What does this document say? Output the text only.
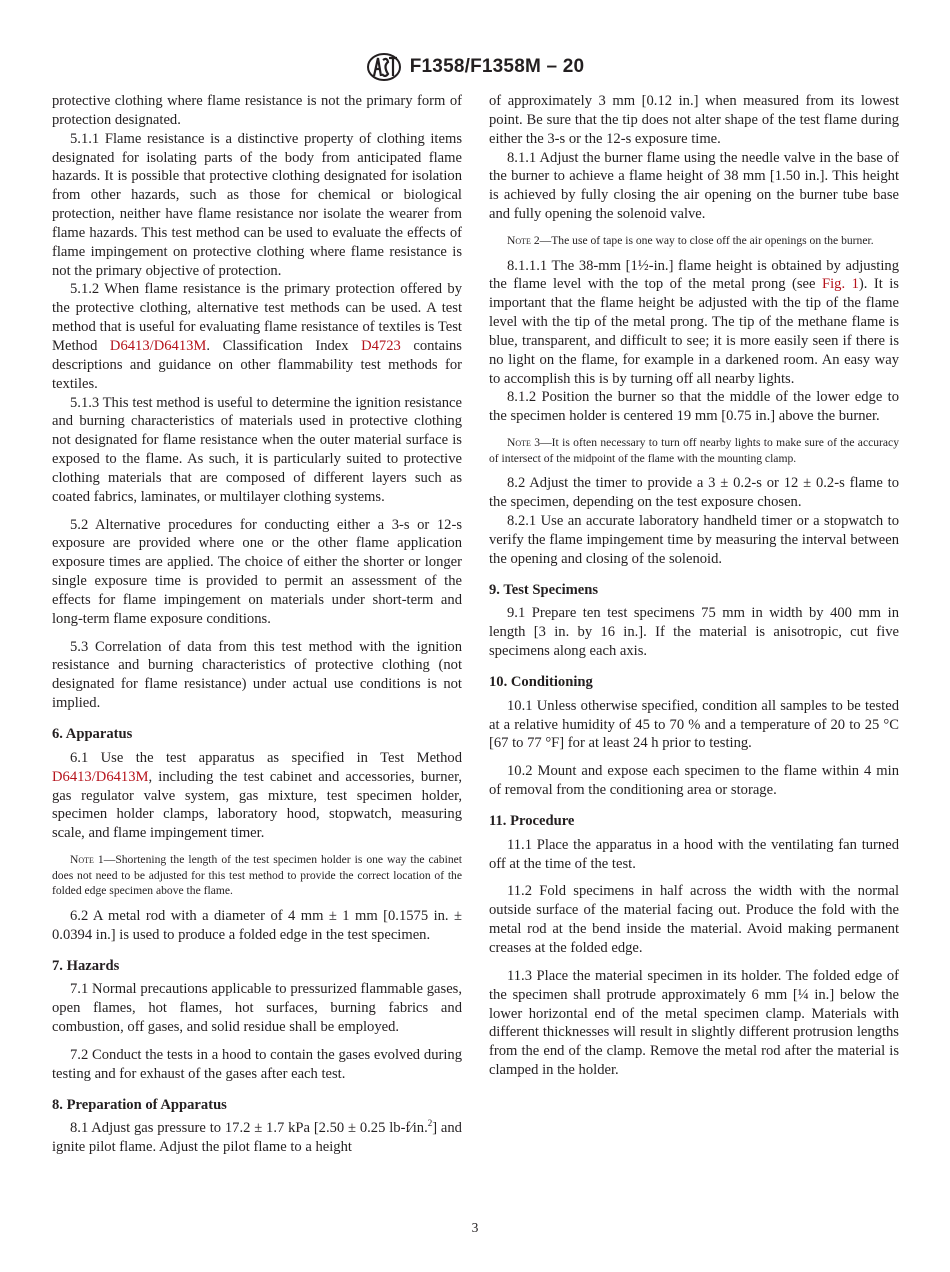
F1358/F1358M – 20
protective clothing where flame resistance is not the primary form of protection designated.
5.1.1 Flame resistance is a distinctive property of clothing items designated for isolating parts of the body from anticipated flame hazards. It is possible that protective clothing designated for isolation from other hazards, such as those for chemical or biological protection, neither have flame resistance nor isolate the wearer from flame hazards. This test method can be used to evaluate the effects of flame impingement on protective clothing where flame resistance is not the primary objective of protection.
5.1.2 When flame resistance is the primary protection offered by the protective clothing, alternative test methods can be used. A test method that is useful for evaluating flame resistance of textiles is Test Method D6413/D6413M. Classification Index D4723 contains descriptions and guidance on other flammability test methods for textiles.
5.1.3 This test method is useful to determine the ignition resistance and burning characteristics of materials used in protective clothing not designated for flame resistance when the outer material surface is exposed to the flame. As such, it is particularly suited to protective clothing materials that are composed of different layers such as coated fabrics, laminates, or multilayer clothing systems.
5.2 Alternative procedures for conducting either a 3-s or 12-s exposure are provided where one or the other flame application exposure times are applied. The choice of either the shorter or longer single exposure time is provided to permit an assessment of the effects for flame impingement on materials under short-term and long-term flame exposure conditions.
5.3 Correlation of data from this test method with the ignition resistance and burning characteristics of protective clothing (not designated for flame resistance) under actual use conditions is not implied.
6. Apparatus
6.1 Use the test apparatus as specified in Test Method D6413/D6413M, including the test cabinet and accessories, burner, gas regulator valve system, gas mixture, test specimen holder, specimen holder clamps, laboratory hood, stopwatch, measuring scale, and flame impingement timer.
Note 1—Shortening the length of the test specimen holder is one way the cabinet does not need to be adjusted for this test method to provide the correct location of the folded edge specimen above the flame.
6.2 A metal rod with a diameter of 4 mm ± 1 mm [0.1575 in. ± 0.0394 in.] is used to produce a folded edge in the test specimen.
7. Hazards
7.1 Normal precautions applicable to pressurized flammable gases, open flames, hot flames, hot surfaces, burning fabrics and combustion, off gases, and solid residue shall be employed.
7.2 Conduct the tests in a hood to contain the gases evolved during testing and for exhaust of the gases after each test.
8. Preparation of Apparatus
8.1 Adjust gas pressure to 17.2 ± 1.7 kPa [2.50 ± 0.25 lb-f⁄in.$^2$] and ignite pilot flame. Adjust the pilot flame to a height
of approximately 3 mm [0.12 in.] when measured from its lowest point. Be sure that the tip does not alter shape of the test flame during either the 3-s or the 12-s exposure time.
8.1.1 Adjust the burner flame using the needle valve in the base of the burner to achieve a flame height of 38 mm [1.50 in.]. This height is achieved by fully closing the air opening on the burner tube base and fully opening the solenoid valve.
Note 2—The use of tape is one way to close off the air openings on the burner.
8.1.1.1 The 38-mm [1½-in.] flame height is obtained by adjusting the flame level with the top of the metal prong (see Fig. 1). It is important that the flame height be adjusted with the tip of the flame level with the tip of the metal prong. The tip of the methane flame is blue, transparent, and difficult to see; it is more easily seen if there is no light on the flame, for example in a darkened room. An easy way to accomplish this is by turning off all nearby lights.
8.1.2 Position the burner so that the middle of the lower edge to the specimen holder is centered 19 mm [0.75 in.] above the burner.
Note 3—It is often necessary to turn off nearby lights to make sure of the accuracy of intersect of the midpoint of the flame with the mounting clamp.
8.2 Adjust the timer to provide a 3 ± 0.2-s or 12 ± 0.2-s flame to the specimen, depending on the test exposure chosen.
8.2.1 Use an accurate laboratory handheld timer or a stopwatch to verify the flame impingement time by measuring the interval between the opening and closing of the solenoid.
9. Test Specimens
9.1 Prepare ten test specimens 75 mm in width by 400 mm in length [3 in. by 16 in.]. If the material is anisotropic, cut five specimens along each axis.
10. Conditioning
10.1 Unless otherwise specified, condition all samples to be tested at a relative humidity of 45 to 70 % and a temperature of 20 to 25 °C [67 to 77 °F] for at least 24 h prior to testing.
10.2 Mount and expose each specimen to the flame within 4 min of removal from the conditioning area or storage.
11. Procedure
11.1 Place the apparatus in a hood with the ventilating fan turned off at the time of the test.
11.2 Fold specimens in half across the width with the normal outside surface of the material facing out. Produce the fold with the metal rod at the bend inside the material. Avoid making permanent creases at the folded edge.
11.3 Place the material specimen in its holder. The folded edge of the specimen shall protrude approximately 6 mm [¼ in.] below the lower horizontal end of the metal specimen clamp. Materials with different thicknesses will result in slightly different protrusion lengths from the end of the clamp. Remove the metal rod after the material is clamped in the holder.
3
